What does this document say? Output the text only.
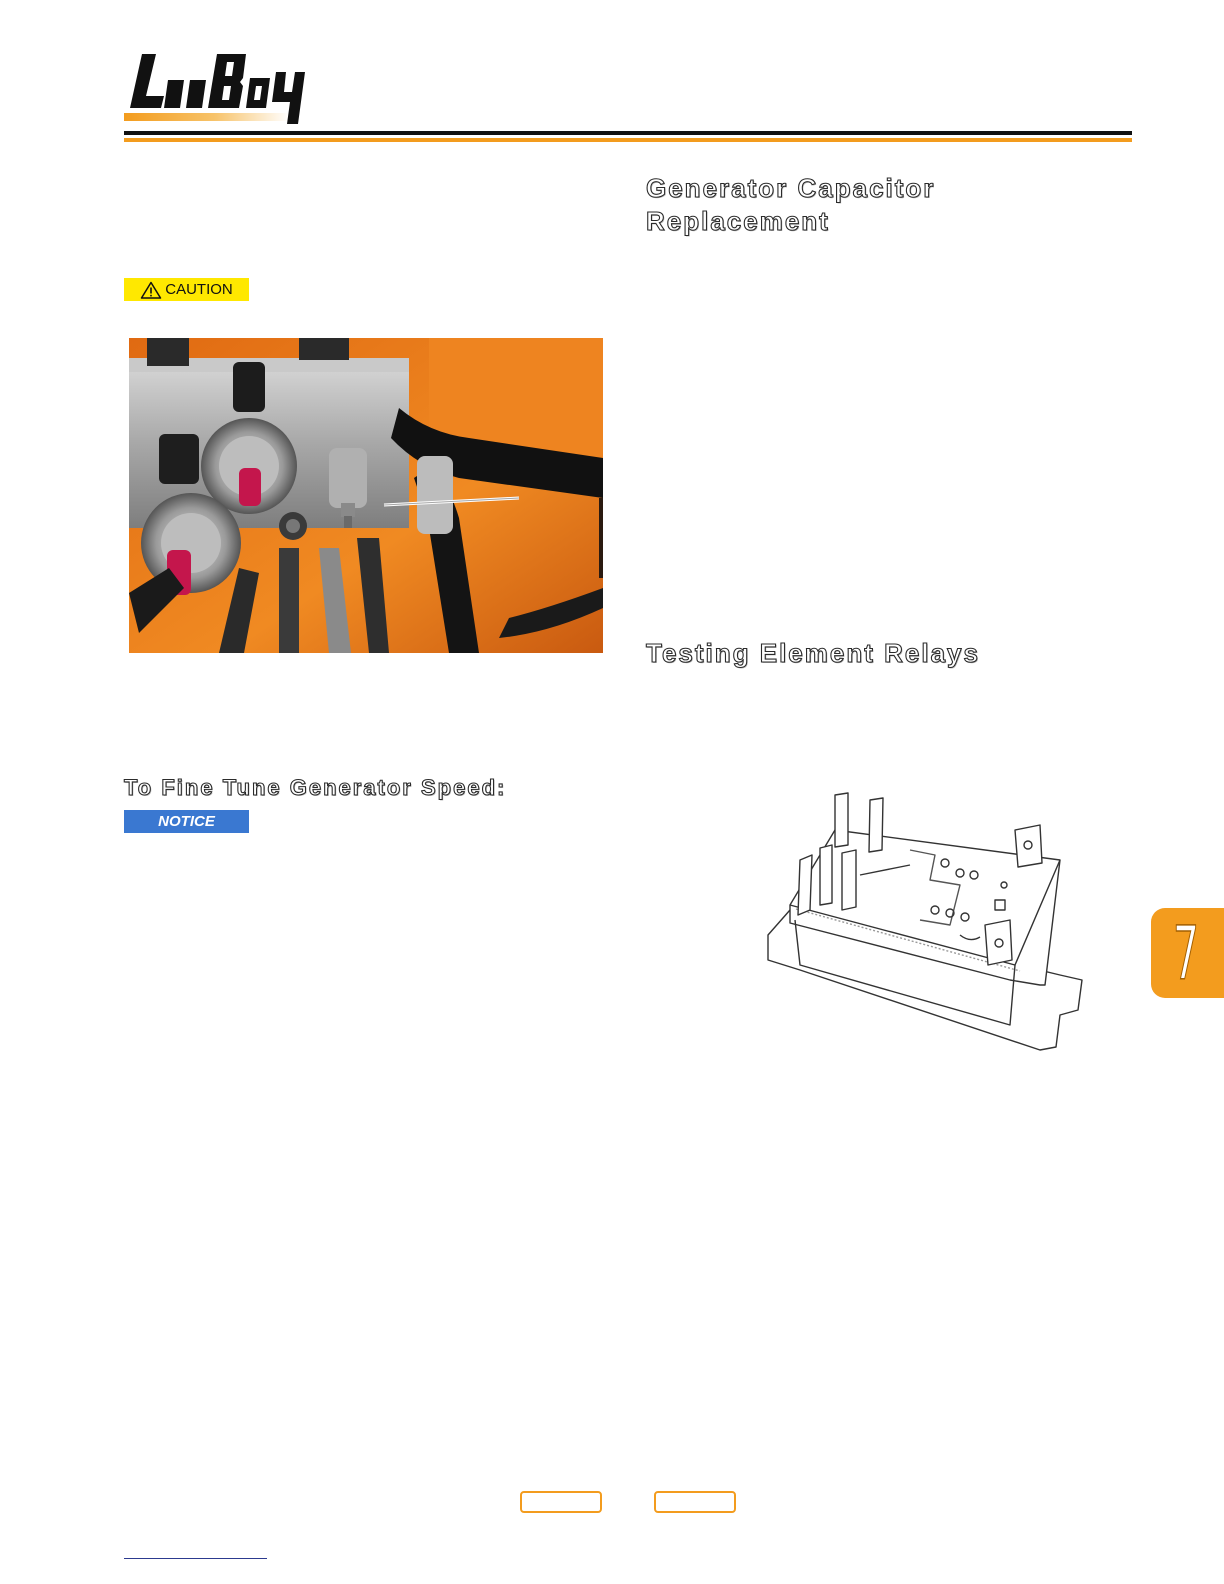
Generator Capacitor Replacement
Testing Element Relays
To Fine Tune Generator Speed:
CAUTION
NOTICE
7
